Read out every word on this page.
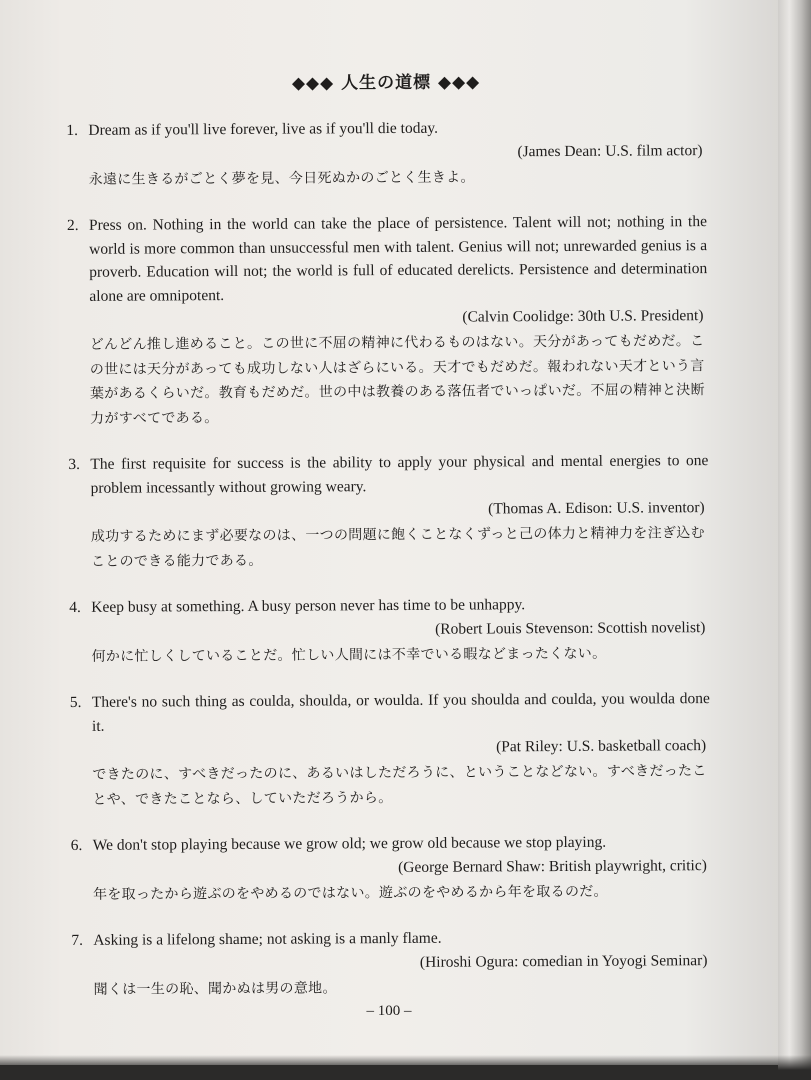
◆◆◆ 人生の道標 ◆◆◆

1. Dream as if you'll live forever, live as if you'll die today.

(James Dean: U.S. film actor)

永遠に生きるがごとく夢を見、今日死ぬかのごとく生きよ。

2. Press on. Nothing in the world can take the place of persistence. Talent will not; nothing in the world is more common than unsuccessful men with talent. Genius will not; unrewarded genius is a proverb. Education will not; the world is full of educated derelicts. Persistence and determination alone are omnipotent.

(Calvin Coolidge: 30th U.S. President)

どんどん推し進めること。この世に不屈の精神に代わるものはない。天分があってもだめだ。この世には天分があっても成功しない人はざらにいる。天才でもだめだ。報われない天才という言葉があるくらいだ。教育もだめだ。世の中は教養のある落伍者でいっぱいだ。不屈の精神と決断力がすべてである。

3. The first requisite for success is the ability to apply your physical and mental energies to one problem incessantly without growing weary.

(Thomas A. Edison: U.S. inventor)

成功するためにまず必要なのは、一つの問題に飽くことなくずっと己の体力と精神力を注ぎ込むことのできる能力である。

4. Keep busy at something. A busy person never has time to be unhappy.

(Robert Louis Stevenson: Scottish novelist)

何かに忙しくしていることだ。忙しい人間には不幸でいる暇などまったくない。

5. There's no such thing as coulda, shoulda, or woulda. If you shoulda and coulda, you woulda done it.

(Pat Riley: U.S. basketball coach)

できたのに、すべきだったのに、あるいはしただろうに、ということなどない。すべきだったことや、できたことなら、していただろうから。

6. We don't stop playing because we grow old; we grow old because we stop playing.

(George Bernard Shaw: British playwright, critic)

年を取ったから遊ぶのをやめるのではない。遊ぶのをやめるから年を取るのだ。

7. Asking is a lifelong shame; not asking is a manly flame.

(Hiroshi Ogura: comedian in Yoyogi Seminar)

聞くは一生の恥、聞かぬは男の意地。

– 100 –
